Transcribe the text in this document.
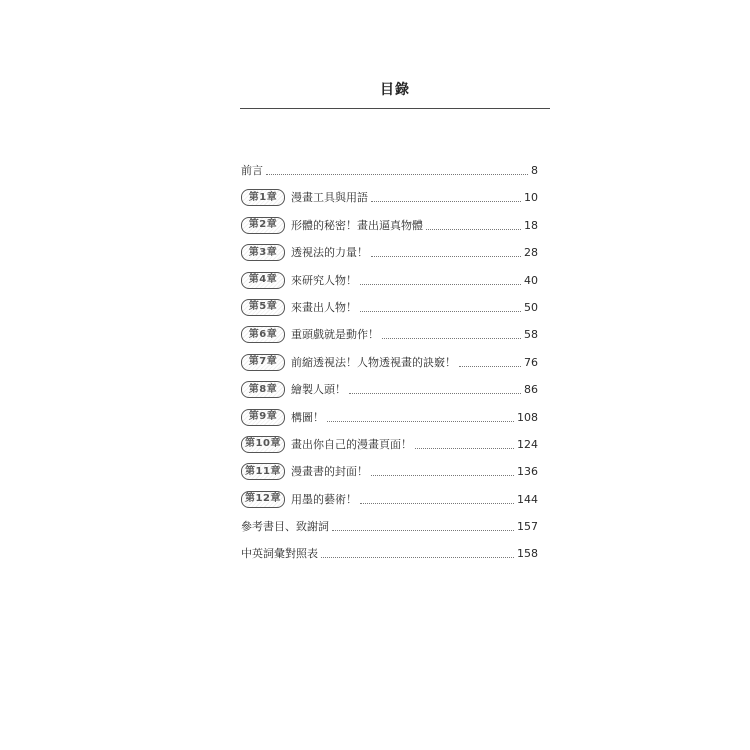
目錄
前言	8
第1章	漫畫工具與用語	10
第2章	形體的秘密！畫出逼真物體	18
第3章	透視法的力量！	28
第4章	來研究人物！	40
第5章	來畫出人物！	50
第6章	重頭戲就是動作！	58
第7章	前縮透視法！人物透視畫的訣竅！	76
第8章	繪製人頭！	86
第9章	構圖！	108
第10章 畫出你自己的漫畫頁面！	124
第11章 漫畫書的封面！	136
第12章 用墨的藝術！	144
參考書目、致謝詞	157
中英詞彙對照表	158
